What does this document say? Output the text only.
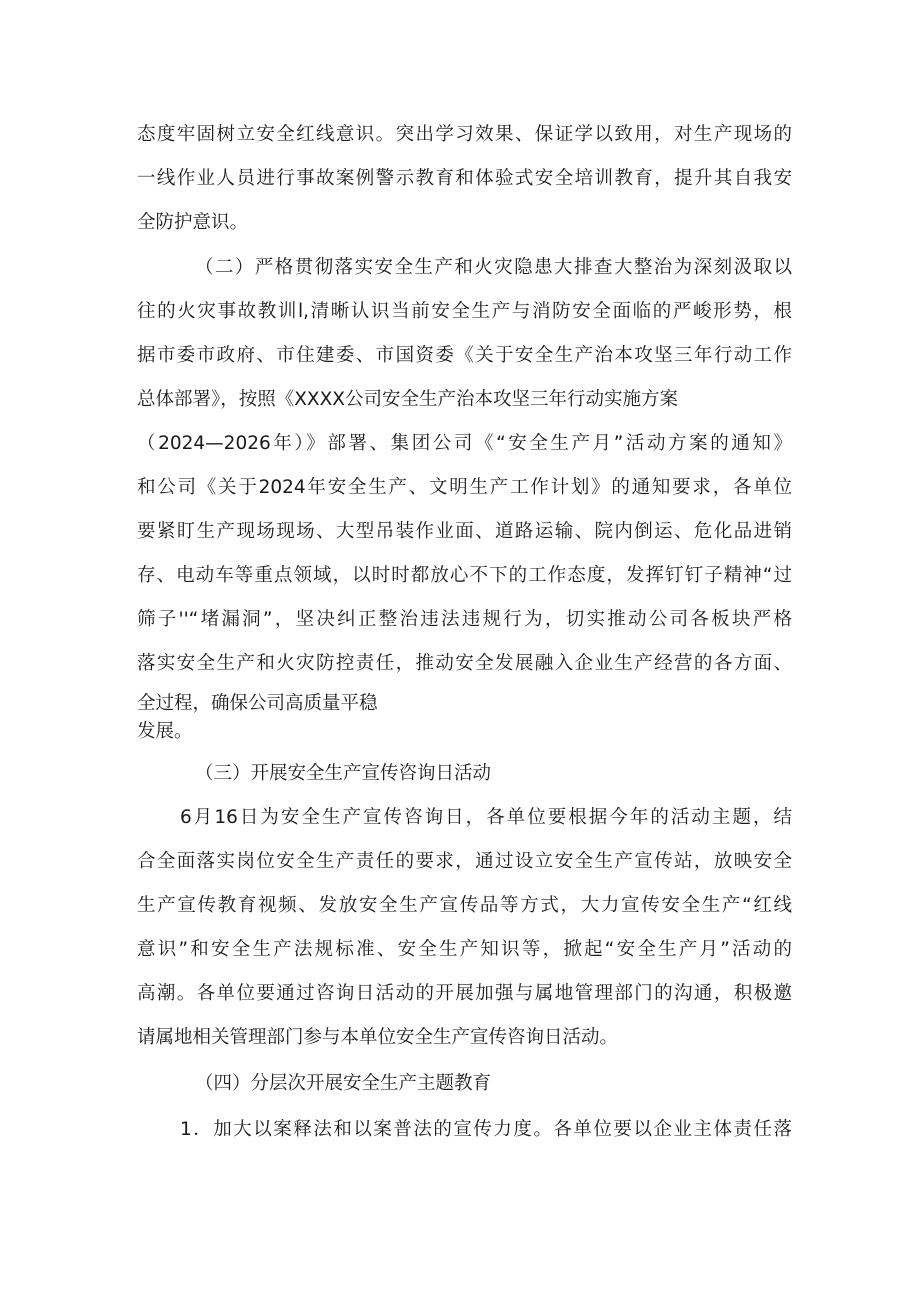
态度牢固树立安全红线意识。突出学习效果、保证学以致用，对生产现场的
一线作业人员进行事故案例警示教育和体验式安全培训教育，提升其自我安
全防护意识。
（二）严格贯彻落实安全生产和火灾隐患大排查大整治为深刻汲取以
往的火灾事故教训l,清晰认识当前安全生产与消防安全面临的严峻形势，根
据市委市政府、市住建委、市国资委《关于安全生产治本攻坚三年行动工作
总体部署》，按照《XXXX公司安全生产治本攻坚三年行动实施方案
（2024—2026年）》部署、集团公司《“安全生产月”活动方案的通知》
和公司《关于2024年安全生产、文明生产工作计划》的通知要求，各单位
要紧盯生产现场现场、大型吊装作业面、道路运输、院内倒运、危化品进销
存、电动车等重点领域，以时时都放心不下的工作态度，发挥钉钉子精神“过
筛子''“堵漏洞”，坚决纠正整治违法违规行为，切实推动公司各板块严格
落实安全生产和火灾防控责任，推动安全发展融入企业生产经营的各方面、
全过程，确保公司高质量平稳
发展。
（三）开展安全生产宣传咨询日活动
6月16日为安全生产宣传咨询日，各单位要根据今年的活动主题，结
合全面落实岗位安全生产责任的要求，通过设立安全生产宣传站，放映安全
生产宣传教育视频、发放安全生产宣传品等方式，大力宣传安全生产“红线
意识”和安全生产法规标准、安全生产知识等，掀起“安全生产月”活动的
高潮。各单位要通过咨询日活动的开展加强与属地管理部门的沟通，积极邀
请属地相关管理部门参与本单位安全生产宣传咨询日活动。
（四）分层次开展安全生产主题教育
1．加大以案释法和以案普法的宣传力度。各单位要以企业主体责任落
